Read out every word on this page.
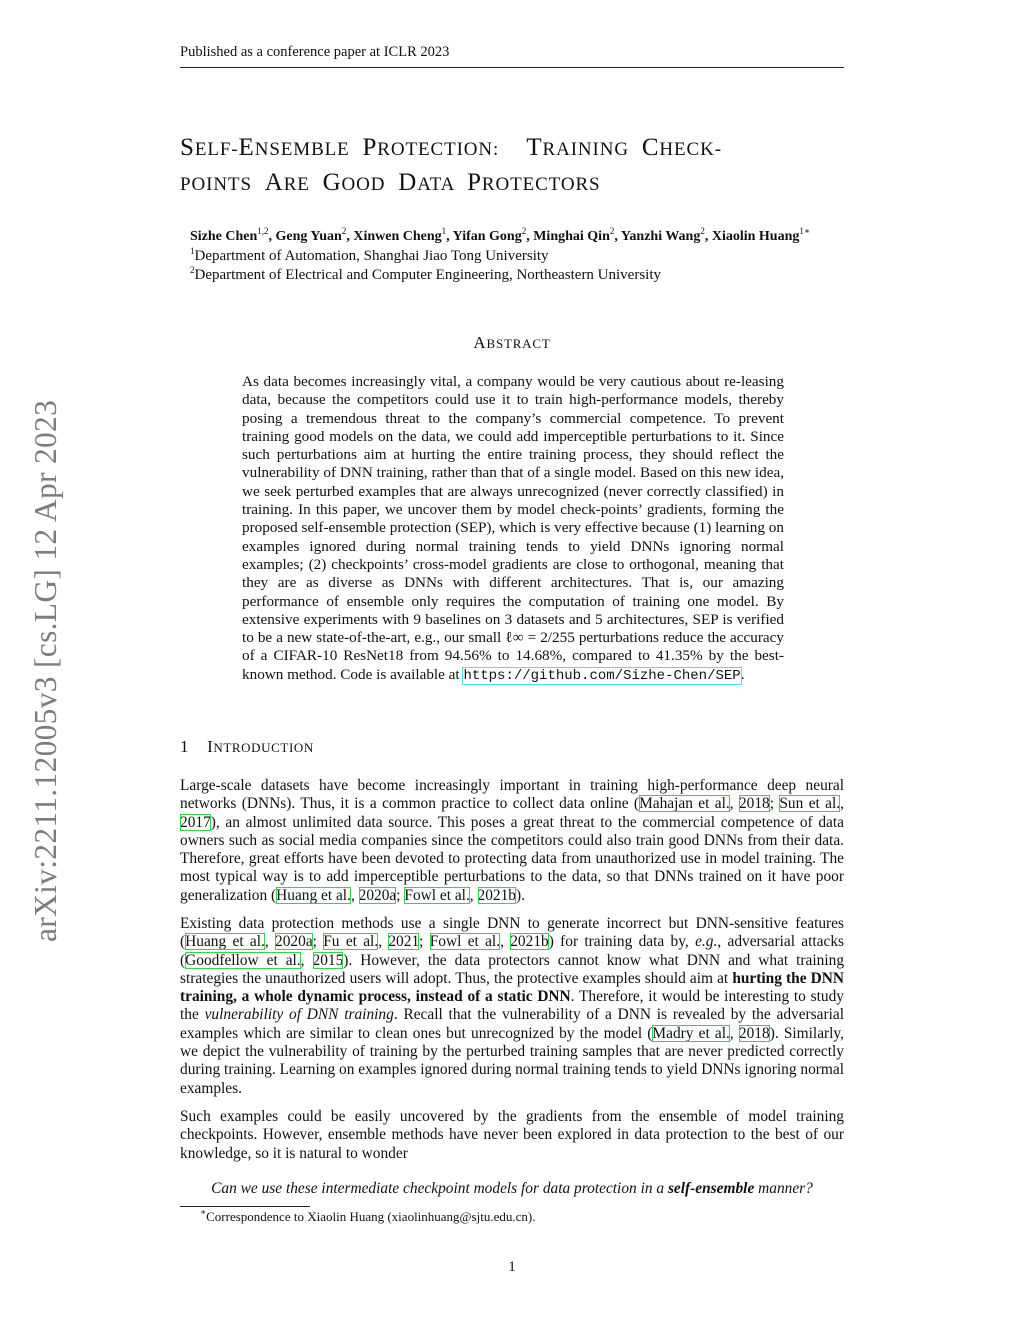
Published as a conference paper at ICLR 2023
arXiv:2211.12005v3 [cs.LG] 12 Apr 2023
SELF-ENSEMBLE  PROTECTION:    TRAINING  CHECK-
POINTS  ARE  GOOD  DATA  PROTECTORS
Sizhe Chen$^{1,2}$, Geng Yuan$^2$, Xinwen Cheng$^1$, Yifan Gong$^2$, Minghai Qin$^2$, Yanzhi Wang$^2$, Xiaolin Huang$^{1∗}$
$^1$Department of Automation, Shanghai Jiao Tong University
$^2$Department of Electrical and Computer Engineering, Northeastern University
ABSTRACT
As data becomes increasingly vital, a company would be very cautious about re-leasing data, because the competitors could use it to train high-performance models, thereby posing a tremendous threat to the company’s commercial competence. To prevent training good models on the data, we could add imperceptible perturbations to it. Since such perturbations aim at hurting the entire training process, they should reflect the vulnerability of DNN training, rather than that of a single model. Based on this new idea, we seek perturbed examples that are always unrecognized (never correctly classified) in training. In this paper, we uncover them by model check-points’ gradients, forming the proposed self-ensemble protection (SEP), which is very effective because (1) learning on examples ignored during normal training tends to yield DNNs ignoring normal examples; (2) checkpoints’ cross-model gradients are close to orthogonal, meaning that they are as diverse as DNNs with different architectures. That is, our amazing performance of ensemble only requires the computation of training one model. By extensive experiments with 9 baselines on 3 datasets and 5 architectures, SEP is verified to be a new state-of-the-art, e.g., our small ℓ∞ = 2/255 perturbations reduce the accuracy of a CIFAR-10 ResNet18 from 94.56% to 14.68%, compared to 41.35% by the best-known method. Code is available at https://github.com/Sizhe-Chen/SEP.
1 INTRODUCTION
Large-scale datasets have become increasingly important in training high-performance deep neural networks (DNNs). Thus, it is a common practice to collect data online (Mahajan et al., 2018; Sun et al., 2017), an almost unlimited data source. This poses a great threat to the commercial competence of data owners such as social media companies since the competitors could also train good DNNs from their data. Therefore, great efforts have been devoted to protecting data from unauthorized use in model training. The most typical way is to add imperceptible perturbations to the data, so that DNNs trained on it have poor generalization (Huang et al., 2020a; Fowl et al., 2021b).
Existing data protection methods use a single DNN to generate incorrect but DNN-sensitive features (Huang et al., 2020a; Fu et al., 2021; Fowl et al., 2021b) for training data by, e.g., adversarial attacks (Goodfellow et al., 2015). However, the data protectors cannot know what DNN and what training strategies the unauthorized users will adopt. Thus, the protective examples should aim at hurting the DNN training, a whole dynamic process, instead of a static DNN. Therefore, it would be interesting to study the vulnerability of DNN training. Recall that the vulnerability of a DNN is revealed by the adversarial examples which are similar to clean ones but unrecognized by the model (Madry et al., 2018). Similarly, we depict the vulnerability of training by the perturbed training samples that are never predicted correctly during training. Learning on examples ignored during normal training tends to yield DNNs ignoring normal examples.
Such examples could be easily uncovered by the gradients from the ensemble of model training checkpoints. However, ensemble methods have never been explored in data protection to the best of our knowledge, so it is natural to wonder
Can we use these intermediate checkpoint models for data protection in a self-ensemble manner?
∗Correspondence to Xiaolin Huang (xiaolinhuang@sjtu.edu.cn).
1
